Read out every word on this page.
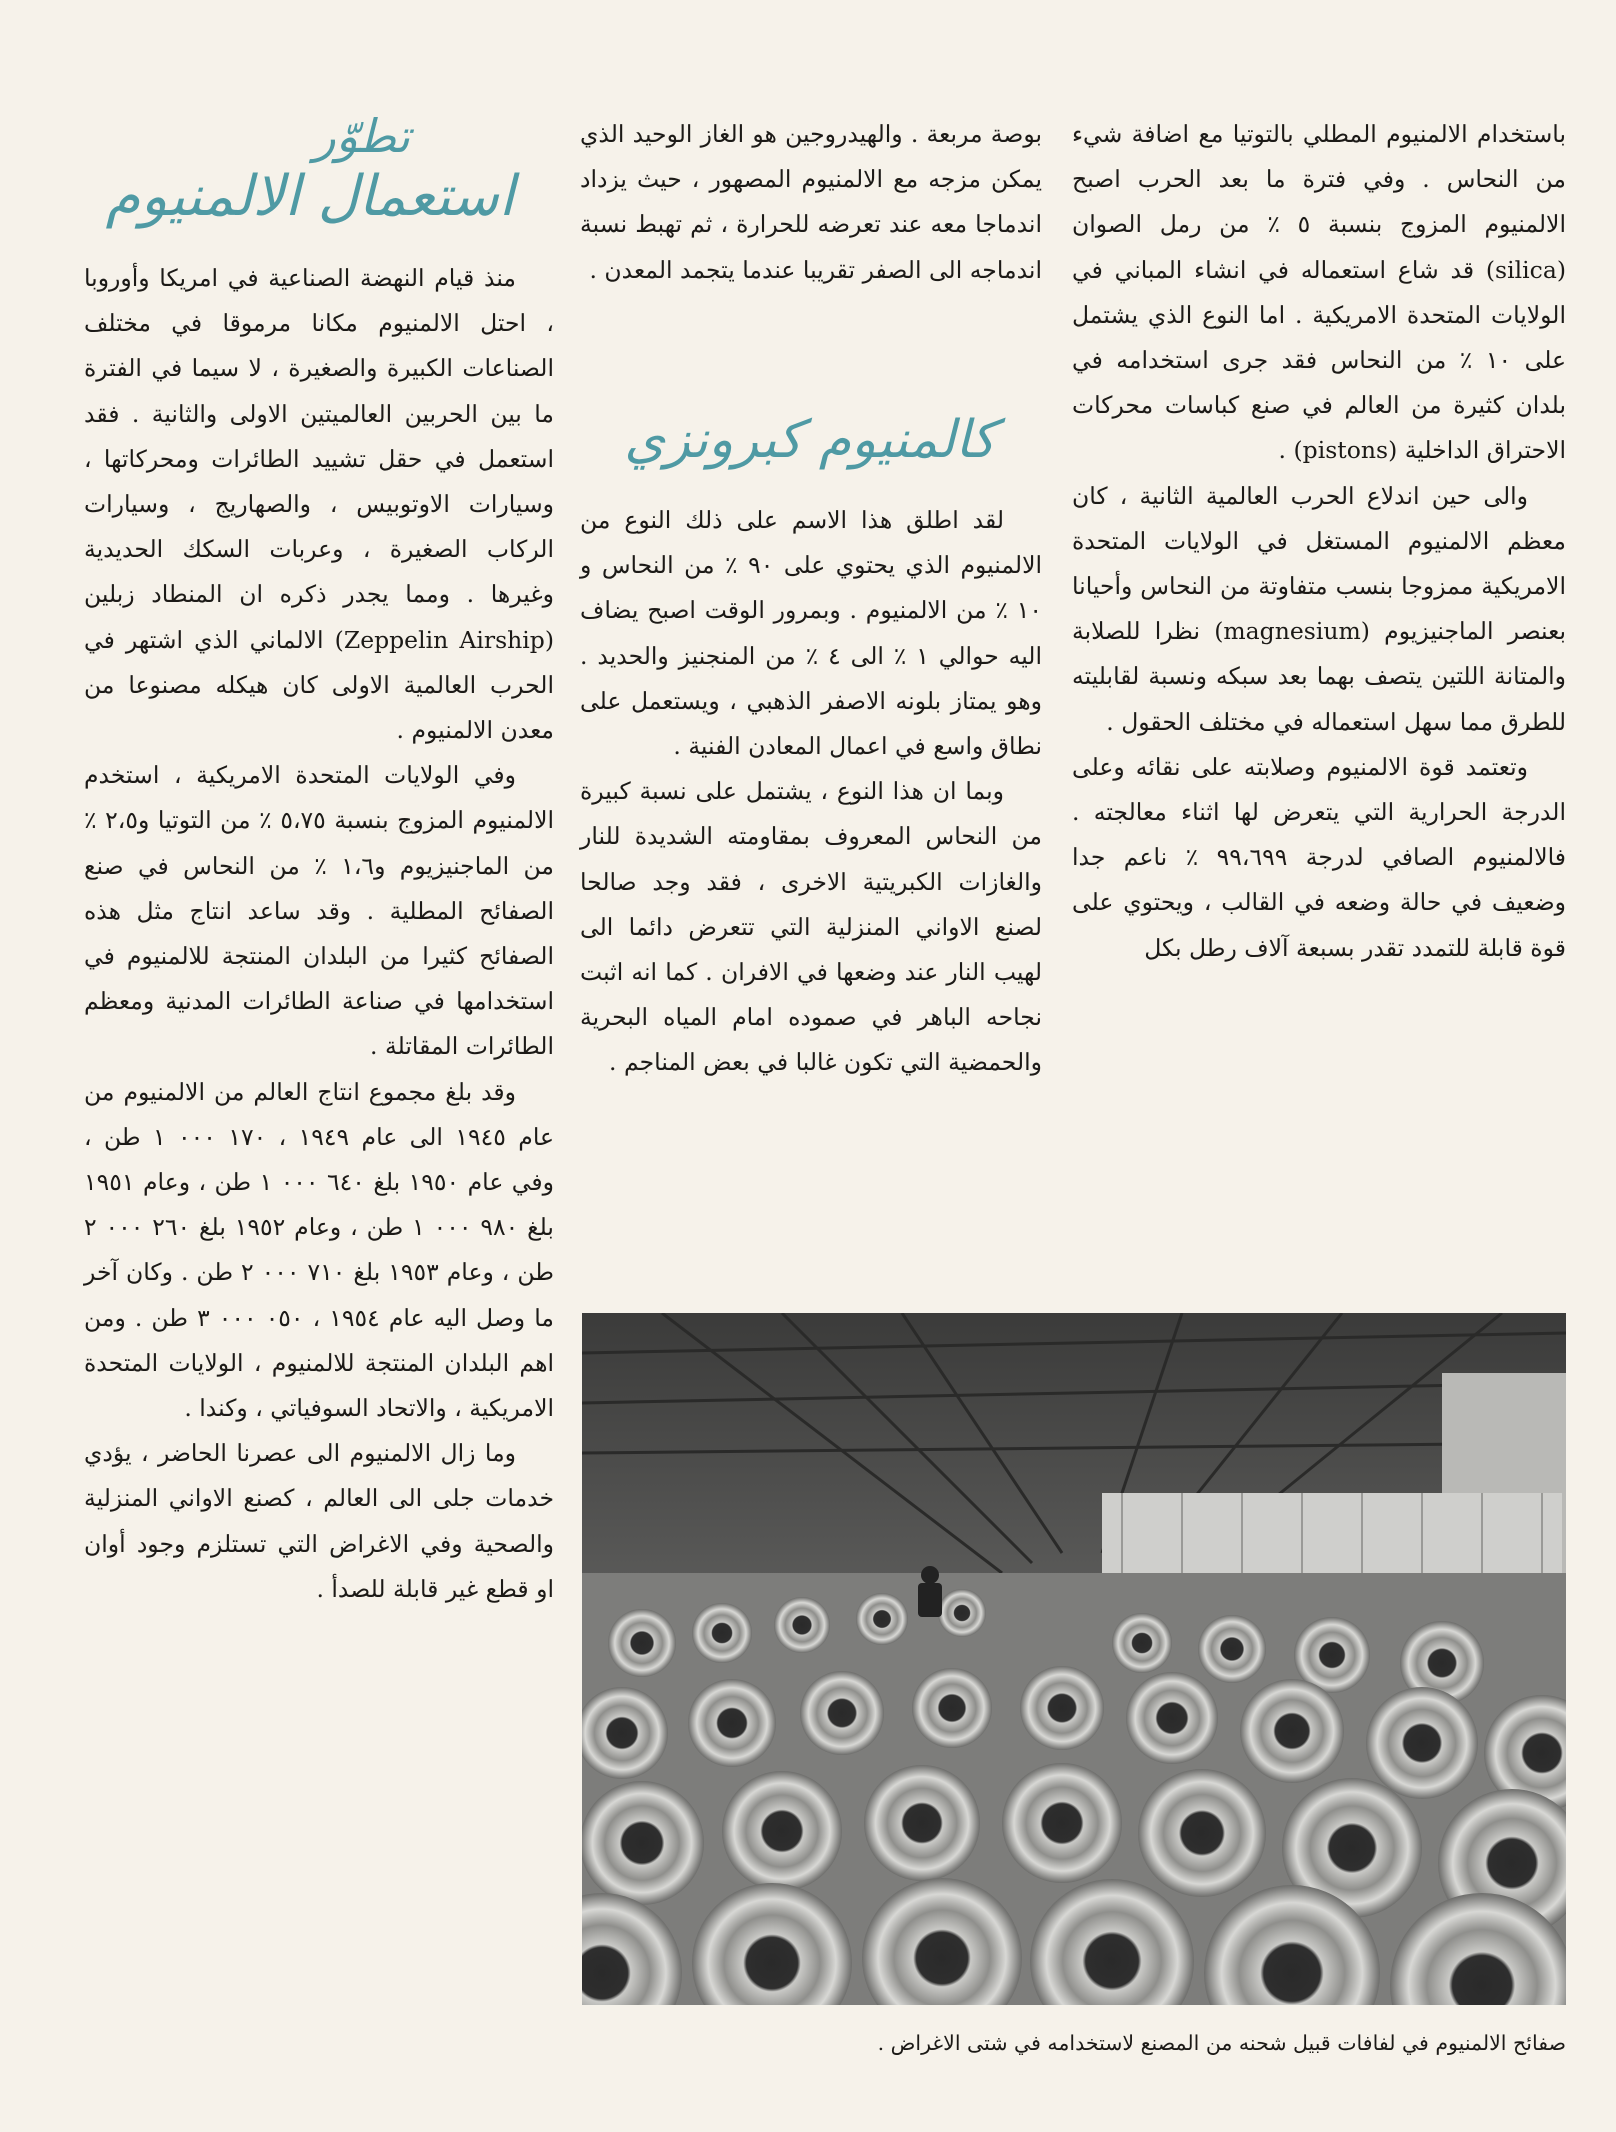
تطوّر
استعمال الالمنيوم

باستخدام الالمنيوم المطلي بالتوتيا مع اضافة شيء من النحاس . وفي فترة ما بعد الحرب اصبح الالمنيوم المزوج بنسبة ٥ ٪ من رمل الصوان (silica) قد شاع استعماله في انشاء المباني في الولايات المتحدة الامريكية . اما النوع الذي يشتمل على ١٠ ٪ من النحاس فقد جرى استخدامه في بلدان كثيرة من العالم في صنع كباسات محركات الاحتراق الداخلية (pistons) .

والى حين اندلاع الحرب العالمية الثانية ، كان معظم الالمنيوم المستغل في الولايات المتحدة الامريكية ممزوجا بنسب متفاوتة من النحاس وأحيانا بعنصر الماجنيزيوم (magnesium) نظرا للصلابة والمتانة اللتين يتصف بهما بعد سبكه ونسبة لقابليته للطرق مما سهل استعماله في مختلف الحقول .

وتعتمد قوة الالمنيوم وصلابته على نقائه وعلى الدرجة الحرارية التي يتعرض لها اثناء معالجته . فالالمنيوم الصافي لدرجة ٩٩،٦٩٩ ٪ ناعم جدا وضعيف في حالة وضعه في القالب ، ويحتوي على قوة قابلة للتمدد تقدر بسبعة آلاف رطل بكل

بوصة مربعة . والهيدروجين هو الغاز الوحيد الذي يمكن مزجه مع الالمنيوم المصهور ، حيث يزداد اندماجا معه عند تعرضه للحرارة ، ثم تهبط نسبة اندماجه الى الصفر تقريبا عندما يتجمد المعدن .

كالمنيوم كبرونزي

لقد اطلق هذا الاسم على ذلك النوع من الالمنيوم الذي يحتوي على ٩٠ ٪ من النحاس و ١٠ ٪ من الالمنيوم . وبمرور الوقت اصبح يضاف اليه حوالي ١ ٪ الى ٤ ٪ من المنجنيز والحديد . وهو يمتاز بلونه الاصفر الذهبي ، ويستعمل على نطاق واسع في اعمال المعادن الفنية .

وبما ان هذا النوع ، يشتمل على نسبة كبيرة من النحاس المعروف بمقاومته الشديدة للنار والغازات الكبريتية الاخرى ، فقد وجد صالحا لصنع الاواني المنزلية التي تتعرض دائما الى لهيب النار عند وضعها في الافران . كما انه اثبت نجاحه الباهر في صموده امام المياه البحرية والحمضية التي تكون غالبا في بعض المناجم .

منذ قيام النهضة الصناعية في امريكا وأوروبا ، احتل الالمنيوم مكانا مرموقا في مختلف الصناعات الكبيرة والصغيرة ، لا سيما في الفترة ما بين الحربين العالميتين الاولى والثانية . فقد استعمل في حقل تشييد الطائرات ومحركاتها ، وسيارات الاوتوبيس ، والصهاريج ، وسيارات الركاب الصغيرة ، وعربات السكك الحديدية وغيرها . ومما يجدر ذكره ان المنطاد زبلين (Zeppelin Airship) الالماني الذي اشتهر في الحرب العالمية الاولى كان هيكله مصنوعا من معدن الالمنيوم .

وفي الولايات المتحدة الامريكية ، استخدم الالمنيوم المزوج بنسبة ٥،٧٥ ٪ من التوتيا و٢،٥ ٪ من الماجنيزيوم و١،٦ ٪ من النحاس في صنع الصفائح المطلية . وقد ساعد انتاج مثل هذه الصفائح كثيرا من البلدان المنتجة للالمنيوم في استخدامها في صناعة الطائرات المدنية ومعظم الطائرات المقاتلة .

وقد بلغ مجموع انتاج العالم من الالمنيوم من عام ١٩٤٥ الى عام ١٩٤٩ ، ١٧٠ ٠٠٠ ١ طن ، وفي عام ١٩٥٠ بلغ ٦٤٠ ٠٠٠ ١ طن ، وعام ١٩٥١ بلغ ٩٨٠ ٠٠٠ ١ طن ، وعام ١٩٥٢ بلغ ٢٦٠ ٠٠٠ ٢ طن ، وعام ١٩٥٣ بلغ ٧١٠ ٠٠٠ ٢ طن . وكان آخر ما وصل اليه عام ١٩٥٤ ، ٠٥٠ ٠٠٠ ٣ طن . ومن اهم البلدان المنتجة للالمنيوم ، الولايات المتحدة الامريكية ، والاتحاد السوفياتي ، وكندا .

وما زال الالمنيوم الى عصرنا الحاضر ، يؤدي خدمات جلى الى العالم ، كصنع الاواني المنزلية والصحية وفي الاغراض التي تستلزم وجود أوان او قطع غير قابلة للصدأ .

صفائح الالمنيوم في لفافات قبيل شحنه من المصنع لاستخدامه في شتى الاغراض .
